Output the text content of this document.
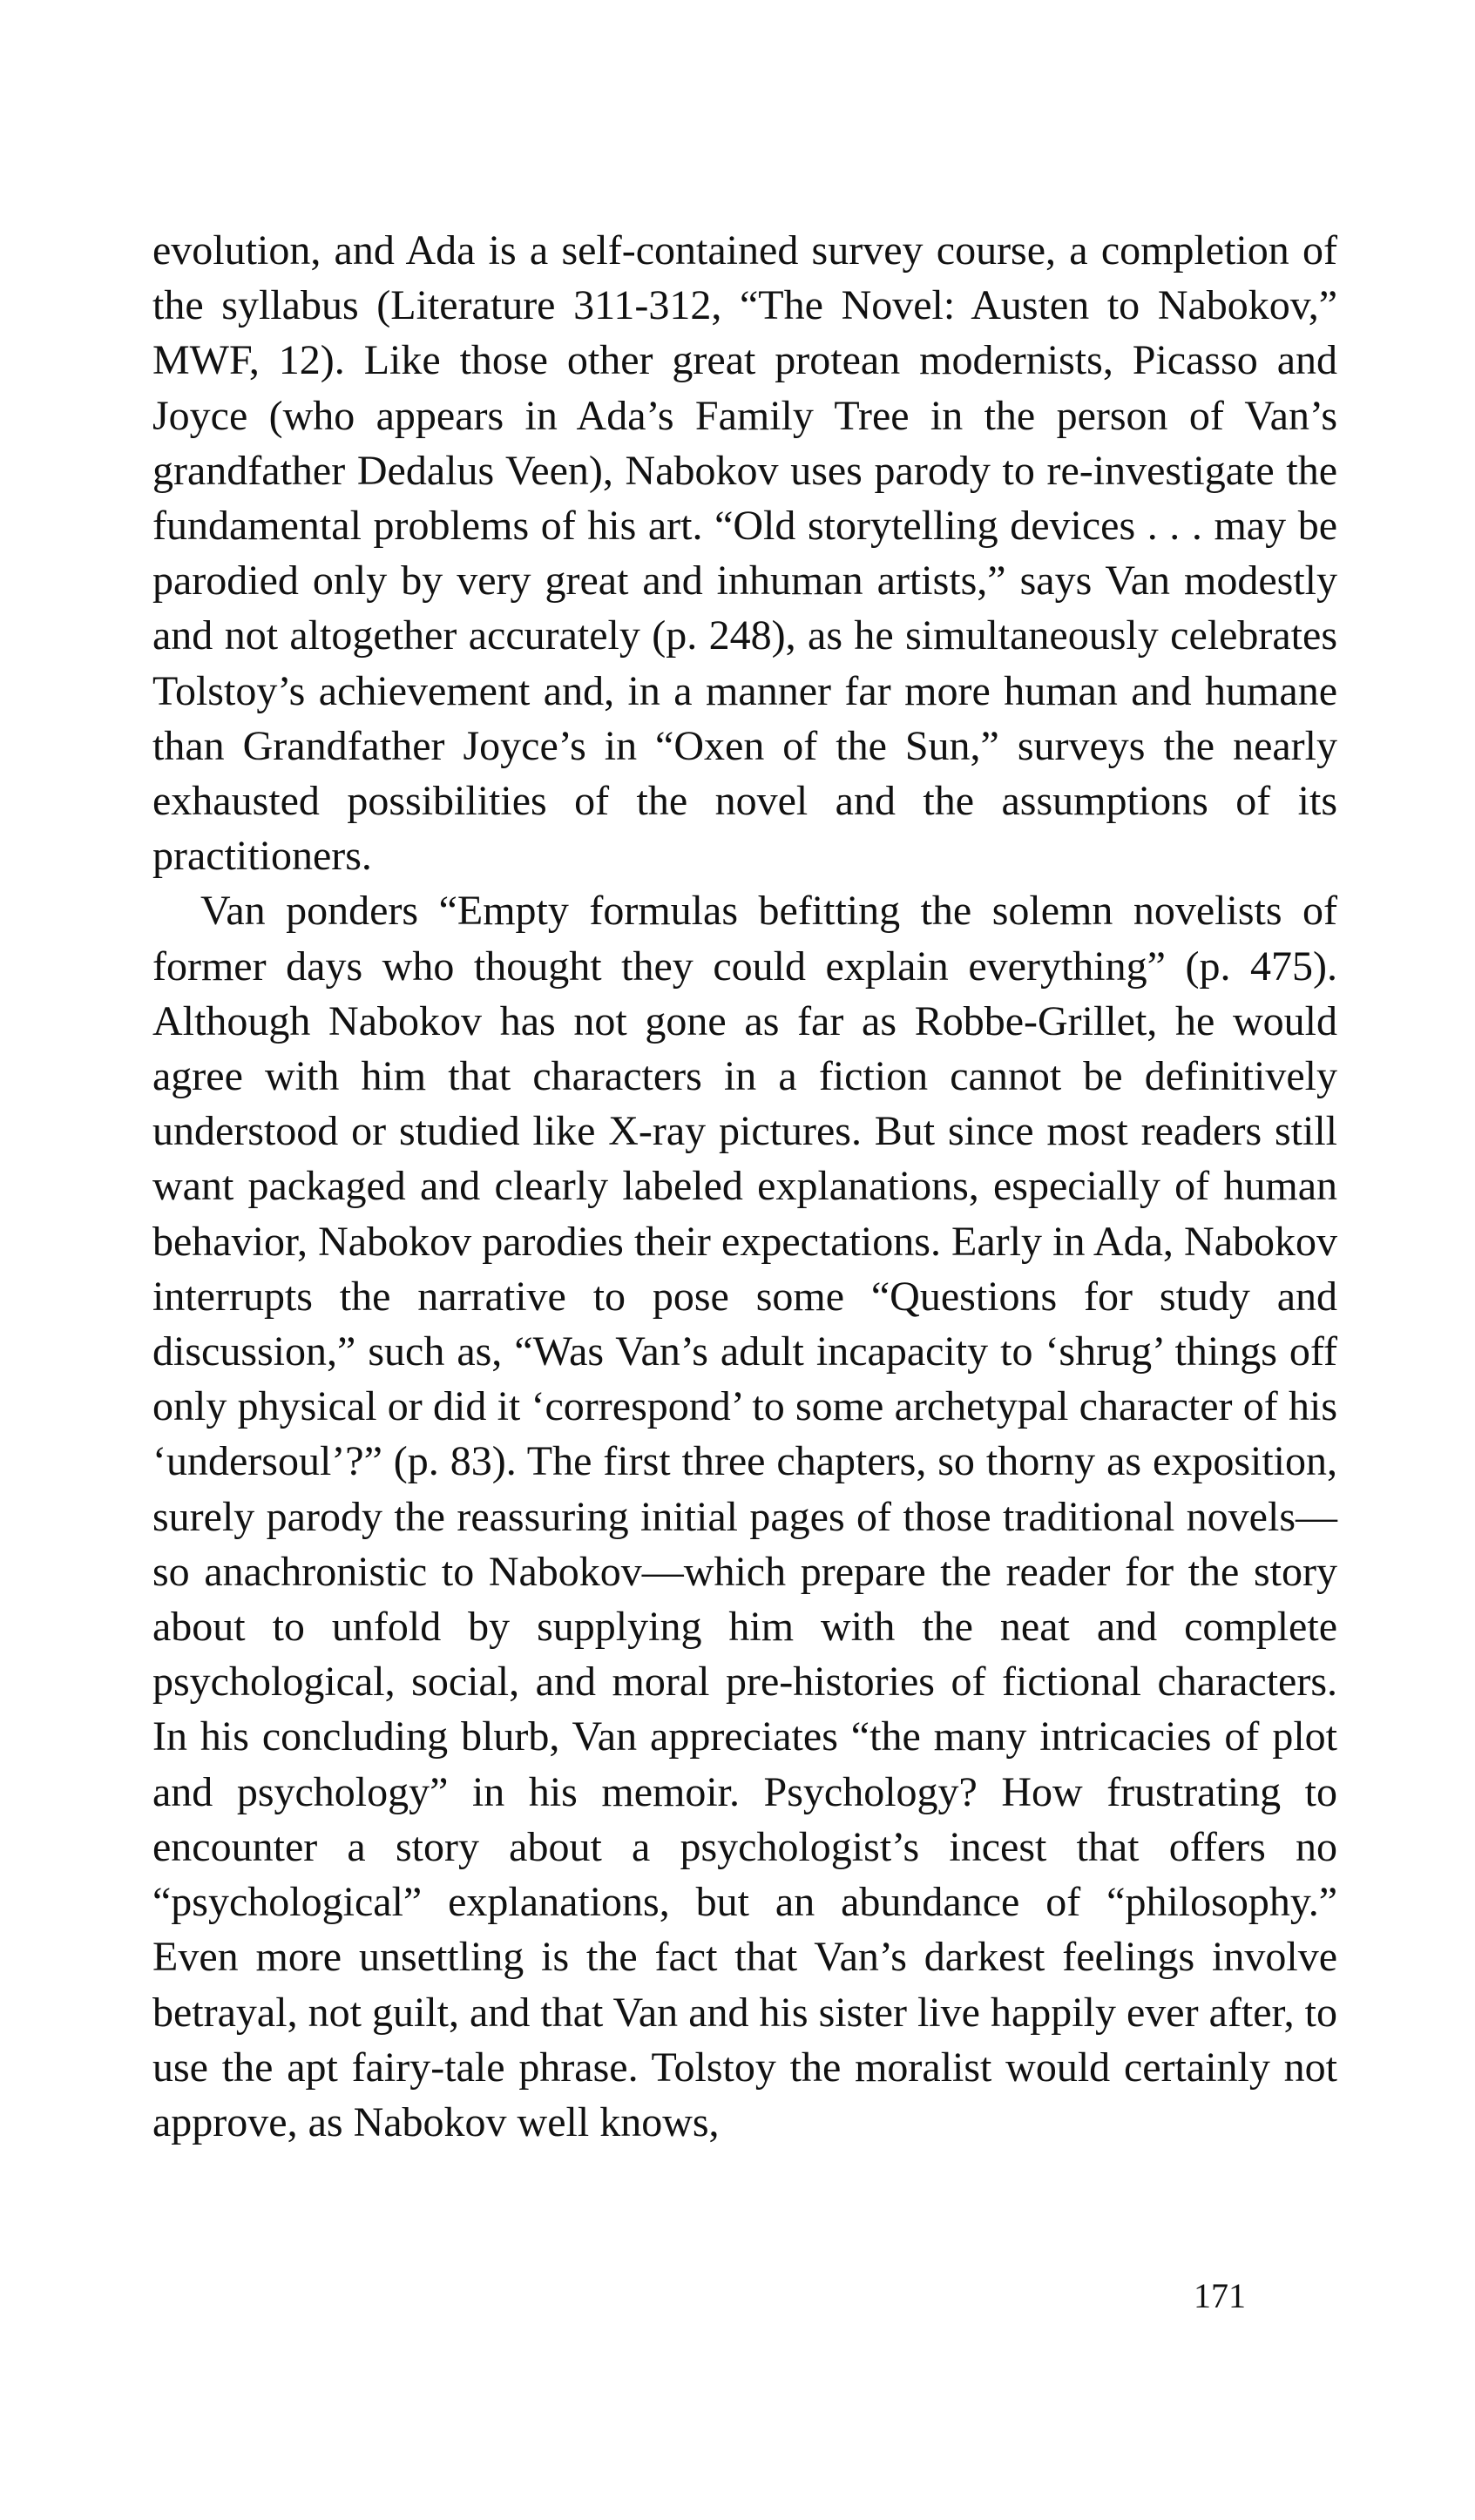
evolution, and Ada is a self-contained survey course, a completion of the syllabus (Literature 311-312, “The Novel: Austen to Nabokov,” MWF, 12). Like those other great protean modernists, Picasso and Joyce (who appears in Ada’s Family Tree in the person of Van’s grandfather Dedalus Veen), Nabokov uses parody to re-investigate the fundamental problems of his art. “Old storytelling devices . . . may be parodied only by very great and inhuman artists,” says Van modestly and not altogether accurately (p. 248), as he simultaneously celebrates Tolstoy’s achievement and, in a manner far more human and humane than Grandfather Joyce’s in “Oxen of the Sun,” surveys the nearly exhausted possibilities of the novel and the assumptions of its practitioners.

Van ponders “Empty formulas befitting the solemn novelists of former days who thought they could explain everything” (p. 475). Although Nabokov has not gone as far as Robbe-Grillet, he would agree with him that characters in a fiction cannot be definitively understood or studied like X-ray pictures. But since most readers still want packaged and clearly labeled explanations, especially of human behavior, Nabokov parodies their expectations. Early in Ada, Nabokov interrupts the narrative to pose some “Questions for study and discussion,” such as, “Was Van’s adult incapacity to ‘shrug’ things off only physical or did it ‘correspond’ to some archetypal character of his ‘undersoul’?” (p. 83). The first three chapters, so thorny as exposition, surely parody the reassuring initial pages of those traditional novels—so anachronistic to Nabokov—which prepare the reader for the story about to unfold by supplying him with the neat and complete psychological, social, and moral pre-histories of fictional characters. In his concluding blurb, Van appreciates “the many intricacies of plot and psychology” in his memoir. Psychology? How frustrating to encounter a story about a psychologist’s incest that offers no “psychological” explanations, but an abundance of “philosophy.” Even more unsettling is the fact that Van’s darkest feelings involve betrayal, not guilt, and that Van and his sister live happily ever after, to use the apt fairy-tale phrase. Tolstoy the moralist would certainly not approve, as Nabokov well knows,

171
